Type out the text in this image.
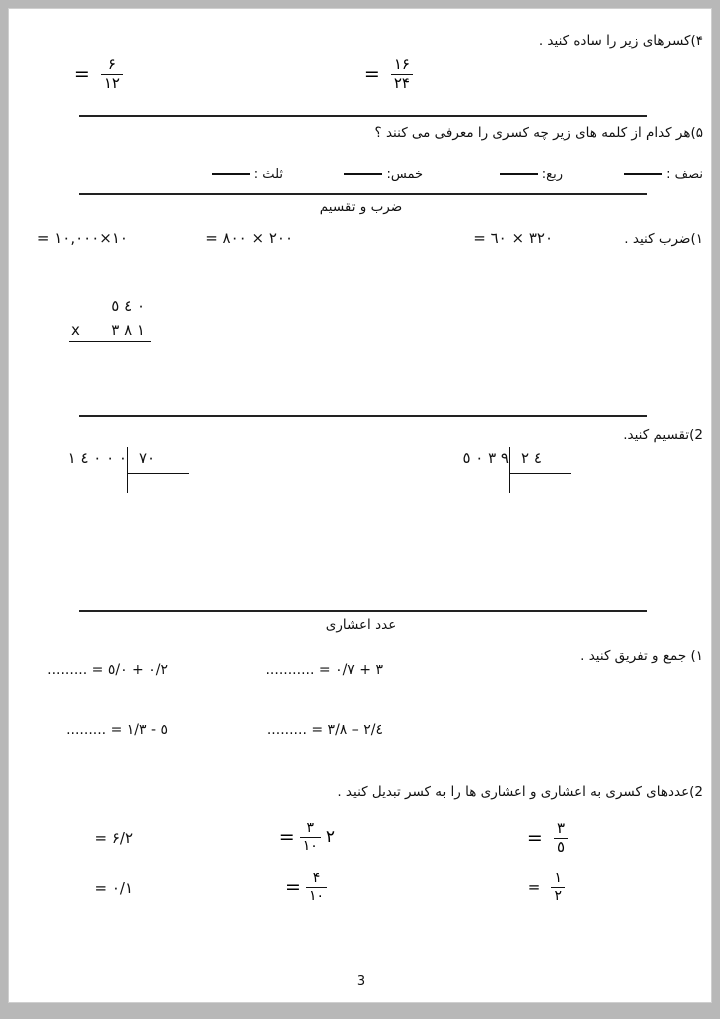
۴)کسرهای زیر را ساده کنید .
$\frac{۱۶}{۲۴}$
=
$\frac{۶}{۱۲}$
=
۵)هر کدام از کلمه های زیر چه کسری را معرفی می کنند ؟
نصف :
ربع:
خمس:
ثلث :
ضرب و تقسیم
۱)ضرب کنید .
۳۲۰ × ٦۰ =
۲۰۰ × ۸۰۰ =
۱۰×۱۰,۰۰۰ =
٤ ٥ ۰
x ۳ ۸ ۱
2)تقسیم کنید.
٥ ۰ ۳ ۹ ۲ ٤
۱ ٤ ۰ ۰ ۰ ۷۰
عدد اعشاری
۱) جمع و تفریق کنید .
۳ + ۰/۷ = ...........
۰/۲ + ۰/٥ = .........
٤/۲ – ۳/۸ = .........
٥ - ۱/۳ = .........
2)عددهای کسری به اعشاری و اعشاری ها را به کسر تبدیل کنید .
$\frac{۳}{٥}$
=
$\frac{۱}{۲}$
=
۲
$\frac{۳}{۱۰}$
=
$\frac{۴}{۱۰}$
=
۶/۲ =
۰/۱ =
3
